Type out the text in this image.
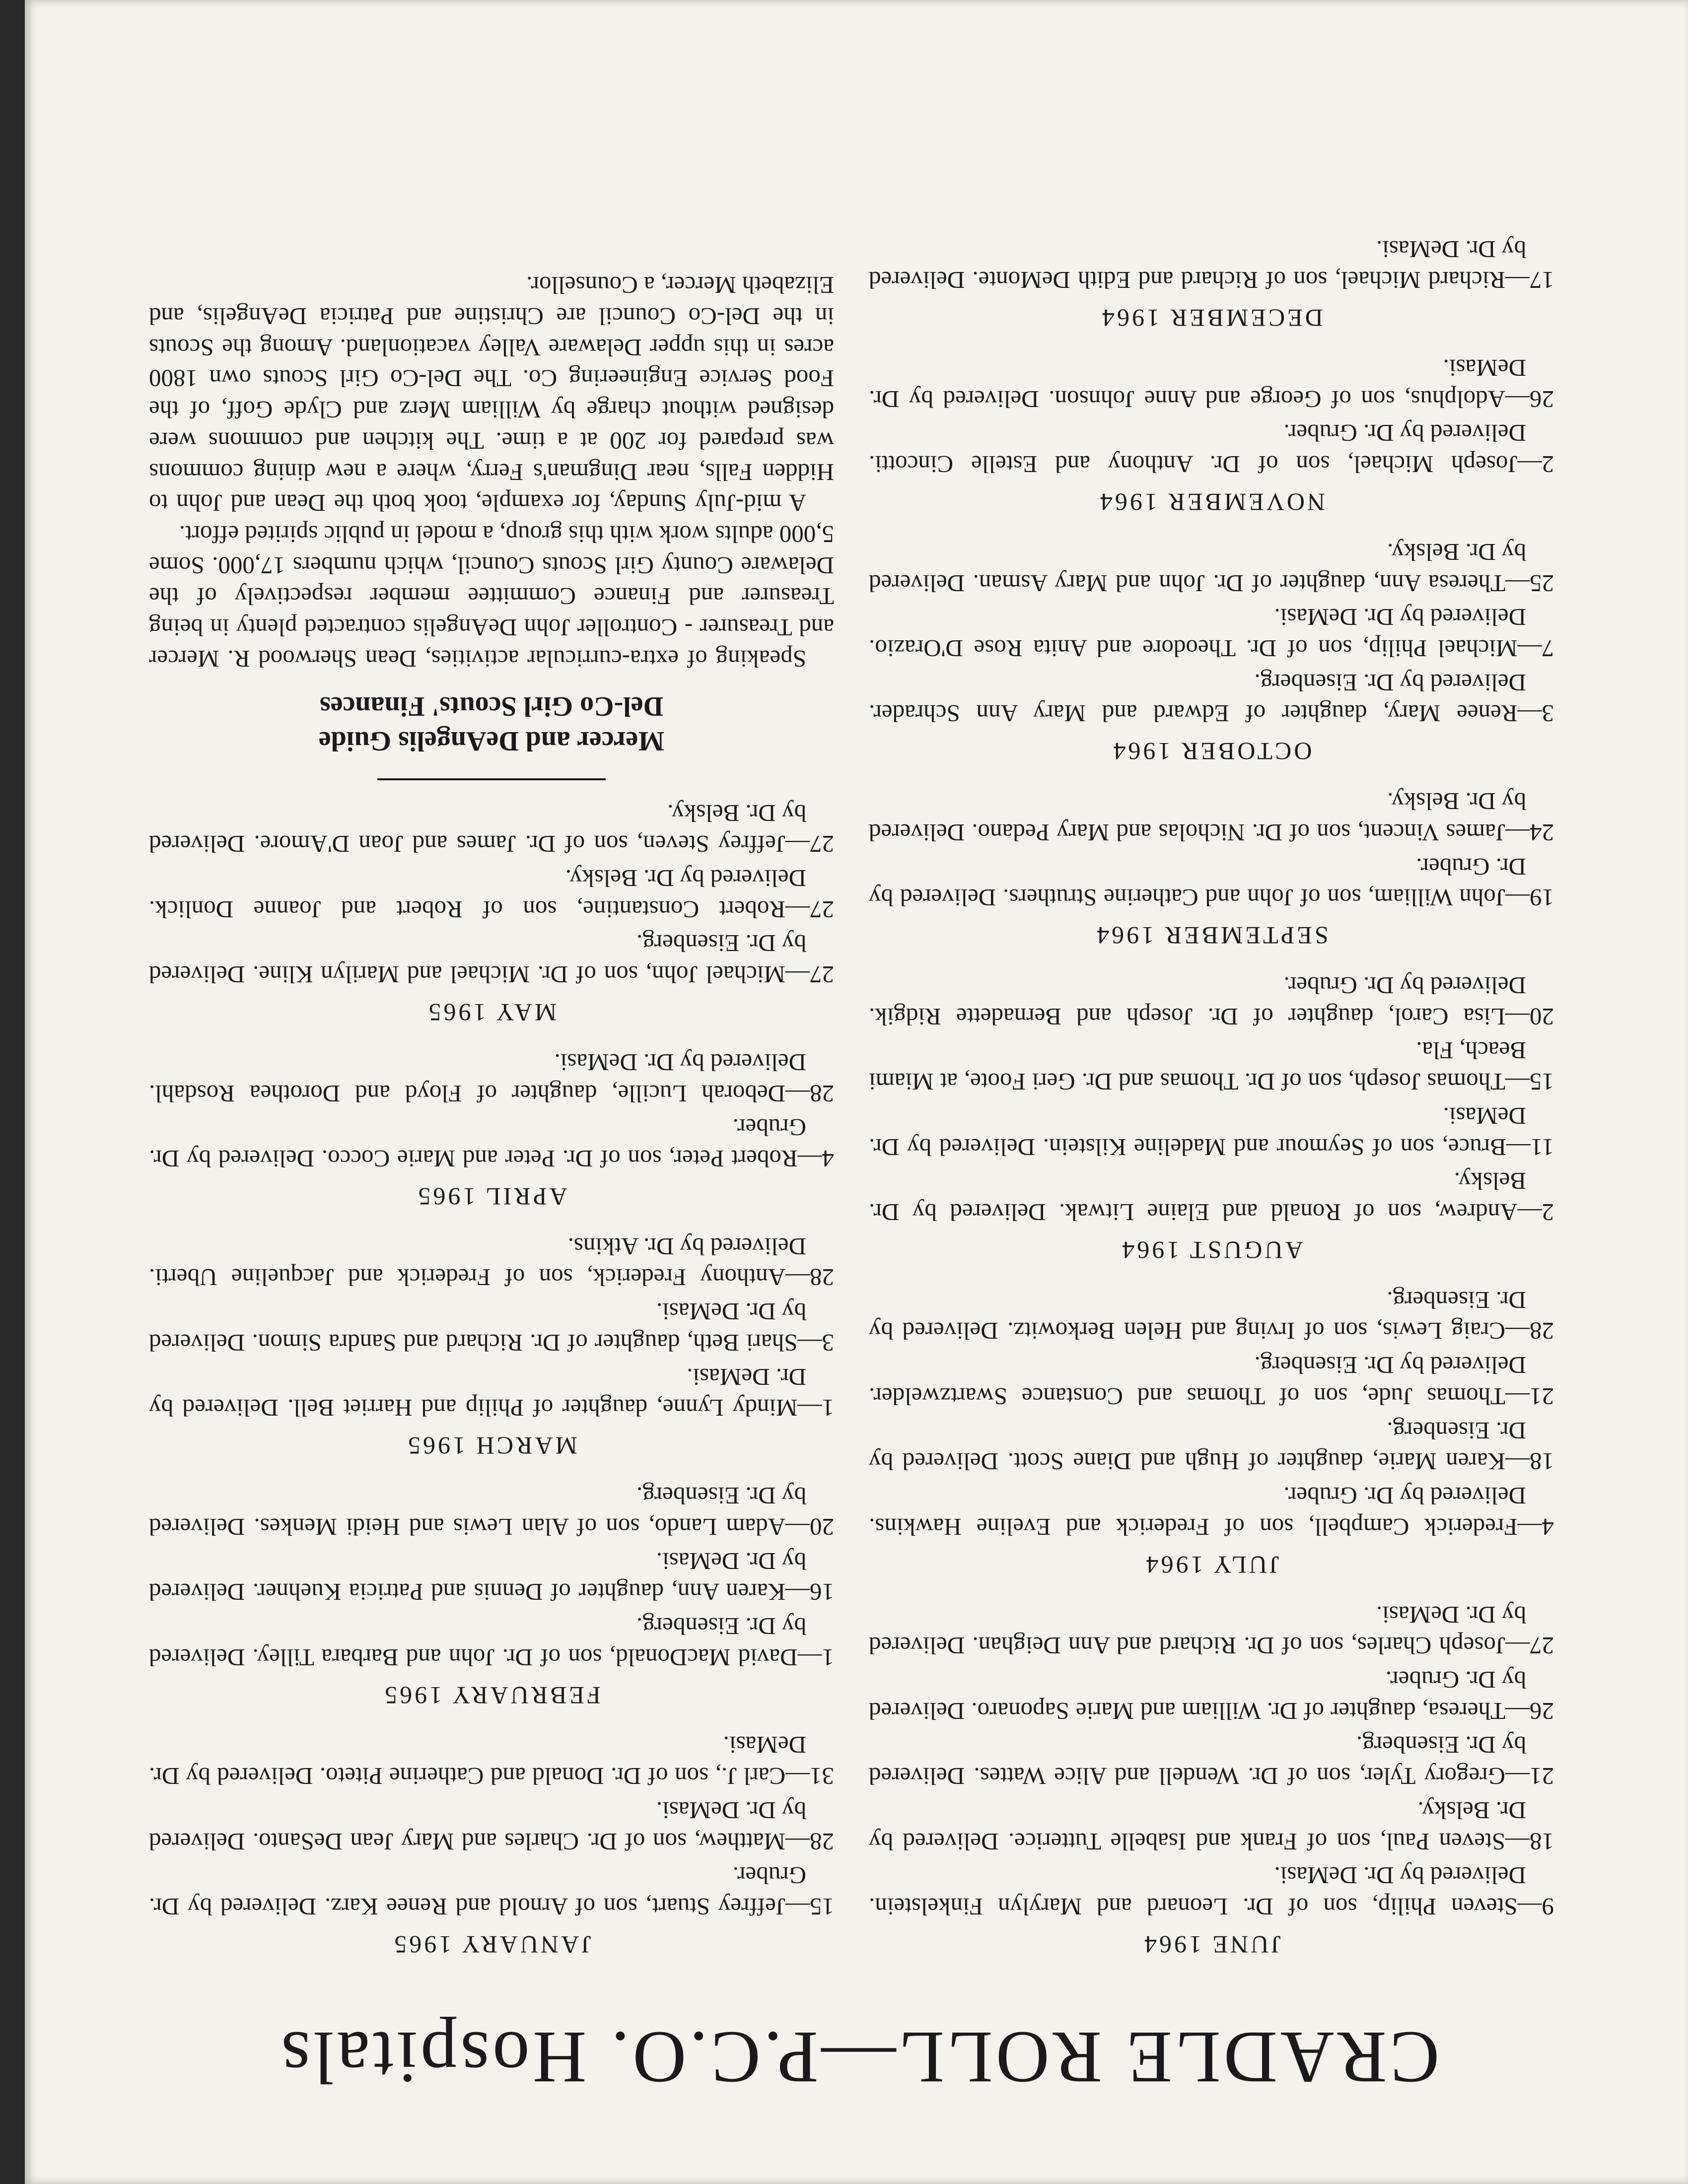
CRADLE ROLL—P.C.O. Hospitals
JUNE 1964

9—Steven Philip, son of Dr. Leonard and Marylyn Finkelstein. Delivered by Dr. DeMasi.

18—Steven Paul, son of Frank and Isabelle Tutterice. Delivered by Dr. Belsky.

21—Gregory Tyler, son of Dr. Wendell and Alice Wattes. Delivered by Dr. Eisenberg.

26—Theresa, daughter of Dr. William and Marie Saponaro. Delivered by Dr. Gruber.

27—Joseph Charles, son of Dr. Richard and Ann Deighan. Delivered by Dr. DeMasi.

JULY 1964

4—Frederick Campbell, son of Frederick and Eveline Hawkins. Delivered by Dr. Gruber.

18—Karen Marie, daughter of Hugh and Diane Scott. Delivered by Dr. Eisenberg.

21—Thomas Jude, son of Thomas and Constance Swartzwelder. Delivered by Dr. Eisenberg.

28—Craig Lewis, son of Irving and Helen Berkowitz. Delivered by Dr. Eisenberg.

AUGUST 1964

2—Andrew, son of Ronald and Elaine Litwak. Delivered by Dr. Belsky.

11—Bruce, son of Seymour and Madeline Kilstein. Delivered by Dr. DeMasi.

15—Thomas Joseph, son of Dr. Thomas and Dr. Geri Foote, at Miami Beach, Fla.

20—Lisa Carol, daughter of Dr. Joseph and Bernadette Ridgik. Delivered by Dr. Gruber.

SEPTEMBER 1964

19—John William, son of John and Catherine Struthers. Delivered by Dr. Gruber.

24—James Vincent, son of Dr. Nicholas and Mary Pedano. Delivered by Dr. Belsky.

OCTOBER 1964

3—Renee Mary, daughter of Edward and Mary Ann Schrader. Delivered by Dr. Eisenberg.

7—Michael Philip, son of Dr. Theodore and Anita Rose D'Orazio. Delivered by Dr. DeMasi.

25—Theresa Ann, daughter of Dr. John and Mary Asman. Delivered by Dr. Belsky.

NOVEMBER 1964

2—Joseph Michael, son of Dr. Anthony and Estelle Cincotti. Delivered by Dr. Gruber.

26—Adolphus, son of George and Anne Johnson. Delivered by Dr. DeMasi.

DECEMBER 1964

17—Richard Michael, son of Richard and Edith DeMonte. Delivered by Dr. DeMasi.

JANUARY 1965

15—Jeffrey Stuart, son of Arnold and Renee Karz. Delivered by Dr. Gruber.

28—Matthew, son of Dr. Charles and Mary Jean DeSanto. Delivered by Dr. DeMasi.

31—Carl J., son of Dr. Donald and Catherine Piteto. Delivered by Dr. DeMasi.

FEBRUARY 1965

1—David MacDonald, son of Dr. John and Barbara Tilley. Delivered by Dr. Eisenberg.

16—Karen Ann, daughter of Dennis and Patricia Kuehner. Delivered by Dr. DeMasi.

20—Adam Lando, son of Alan Lewis and Heidi Menkes. Delivered by Dr. Eisenberg.

MARCH 1965

1—Mindy Lynne, daughter of Philip and Harriet Bell. Delivered by Dr. DeMasi.

3—Shari Beth, daughter of Dr. Richard and Sandra Simon. Delivered by Dr. DeMasi.

28—Anthony Frederick, son of Frederick and Jacqueline Uberti. Delivered by Dr. Atkins.

APRIL 1965

4—Robert Peter, son of Dr. Peter and Marie Cocco. Delivered by Dr. Gruber.

28—Deborah Lucille, daughter of Floyd and Dorothea Rosdahl. Delivered by Dr. DeMasi.

MAY 1965

27—Michael John, son of Dr. Michael and Marilyn Kline. Delivered by Dr. Eisenberg.

27—Robert Constantine, son of Robert and Joanne Donlick. Delivered by Dr. Belsky.

27—Jeffrey Steven, son of Dr. James and Joan D'Amore. Delivered by Dr. Belsky.

Mercer and DeAngelis Guide
Del-Co Girl Scouts' Finances

Speaking of extra-curricular activities, Dean Sherwood R. Mercer and Treasurer - Controller John DeAngelis contracted plenty in being Treasurer and Finance Committee member respectively of the Delaware County Girl Scouts Council, which numbers 17,000. Some 5,000 adults work with this group, a model in public spirited effort.

A mid-July Sunday, for example, took both the Dean and John to Hidden Falls, near Dingman's Ferry, where a new dining commons was prepared for 200 at a time. The kitchen and commons were designed without charge by William Merz and Clyde Goff, of the Food Service Engineering Co. The Del-Co Girl Scouts own 1800 acres in this upper Delaware Valley vacationland. Among the Scouts in the Del-Co Council are Christine and Patricia DeAngelis, and Elizabeth Mercer, a Counsellor.
